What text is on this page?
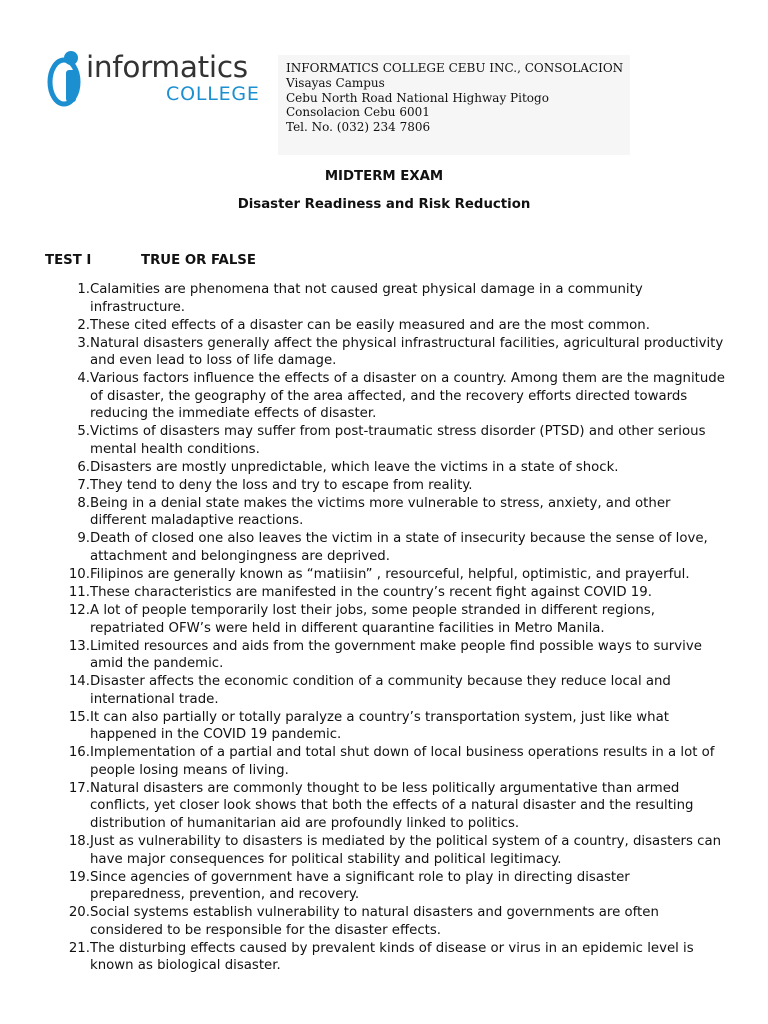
informatics
COLLEGE
INFORMATICS COLLEGE CEBU INC., CONSOLACION
Visayas Campus
Cebu North Road National Highway Pitogo
Consolacion Cebu 6001
Tel. No. (032) 234 7806
MIDTERM EXAM
Disaster Readiness and Risk Reduction
TEST I	TRUE OR FALSE
1. Calamities are phenomena that not caused great physical damage in a community infrastructure.
2. These cited effects of a disaster can be easily measured and are the most common.
3. Natural disasters generally affect the physical infrastructural facilities, agricultural productivity and even lead to loss of life damage.
4. Various factors influence the effects of a disaster on a country. Among them are the magnitude of disaster, the geography of the area affected, and the recovery efforts directed towards reducing the immediate effects of disaster.
5. Victims of disasters may suffer from post-traumatic stress disorder (PTSD) and other serious mental health conditions.
6. Disasters are mostly unpredictable, which leave the victims in a state of shock.
7. They tend to deny the loss and try to escape from reality.
8. Being in a denial state makes the victims more vulnerable to stress, anxiety, and other different maladaptive reactions.
9. Death of closed one also leaves the victim in a state of insecurity because the sense of love, attachment and belongingness are deprived.
10. Filipinos are generally known as “matiisin” , resourceful, helpful, optimistic, and prayerful.
11. These characteristics are manifested in the country’s recent fight against COVID 19.
12. A lot of people temporarily lost their jobs, some people stranded in different regions, repatriated OFW’s were held in different quarantine facilities in Metro Manila.
13. Limited resources and aids from the government make people find possible ways to survive amid the pandemic.
14. Disaster affects the economic condition of a community because they reduce local and international trade.
15. It can also partially or totally paralyze a country’s transportation system, just like what happened in the COVID 19 pandemic.
16. Implementation of a partial and total shut down of local business operations results in a lot of people losing means of living.
17. Natural disasters are commonly thought to be less politically argumentative than armed conflicts, yet closer look shows that both the effects of a natural disaster and the resulting distribution of humanitarian aid are profoundly linked to politics.
18. Just as vulnerability to disasters is mediated by the political system of a country, disasters can have major consequences for political stability and political legitimacy.
19. Since agencies of government have a significant role to play in directing disaster preparedness, prevention, and recovery.
20. Social systems establish vulnerability to natural disasters and governments are often considered to be responsible for the disaster effects.
21. The disturbing effects caused by prevalent kinds of disease or virus in an epidemic level is known as biological disaster.
